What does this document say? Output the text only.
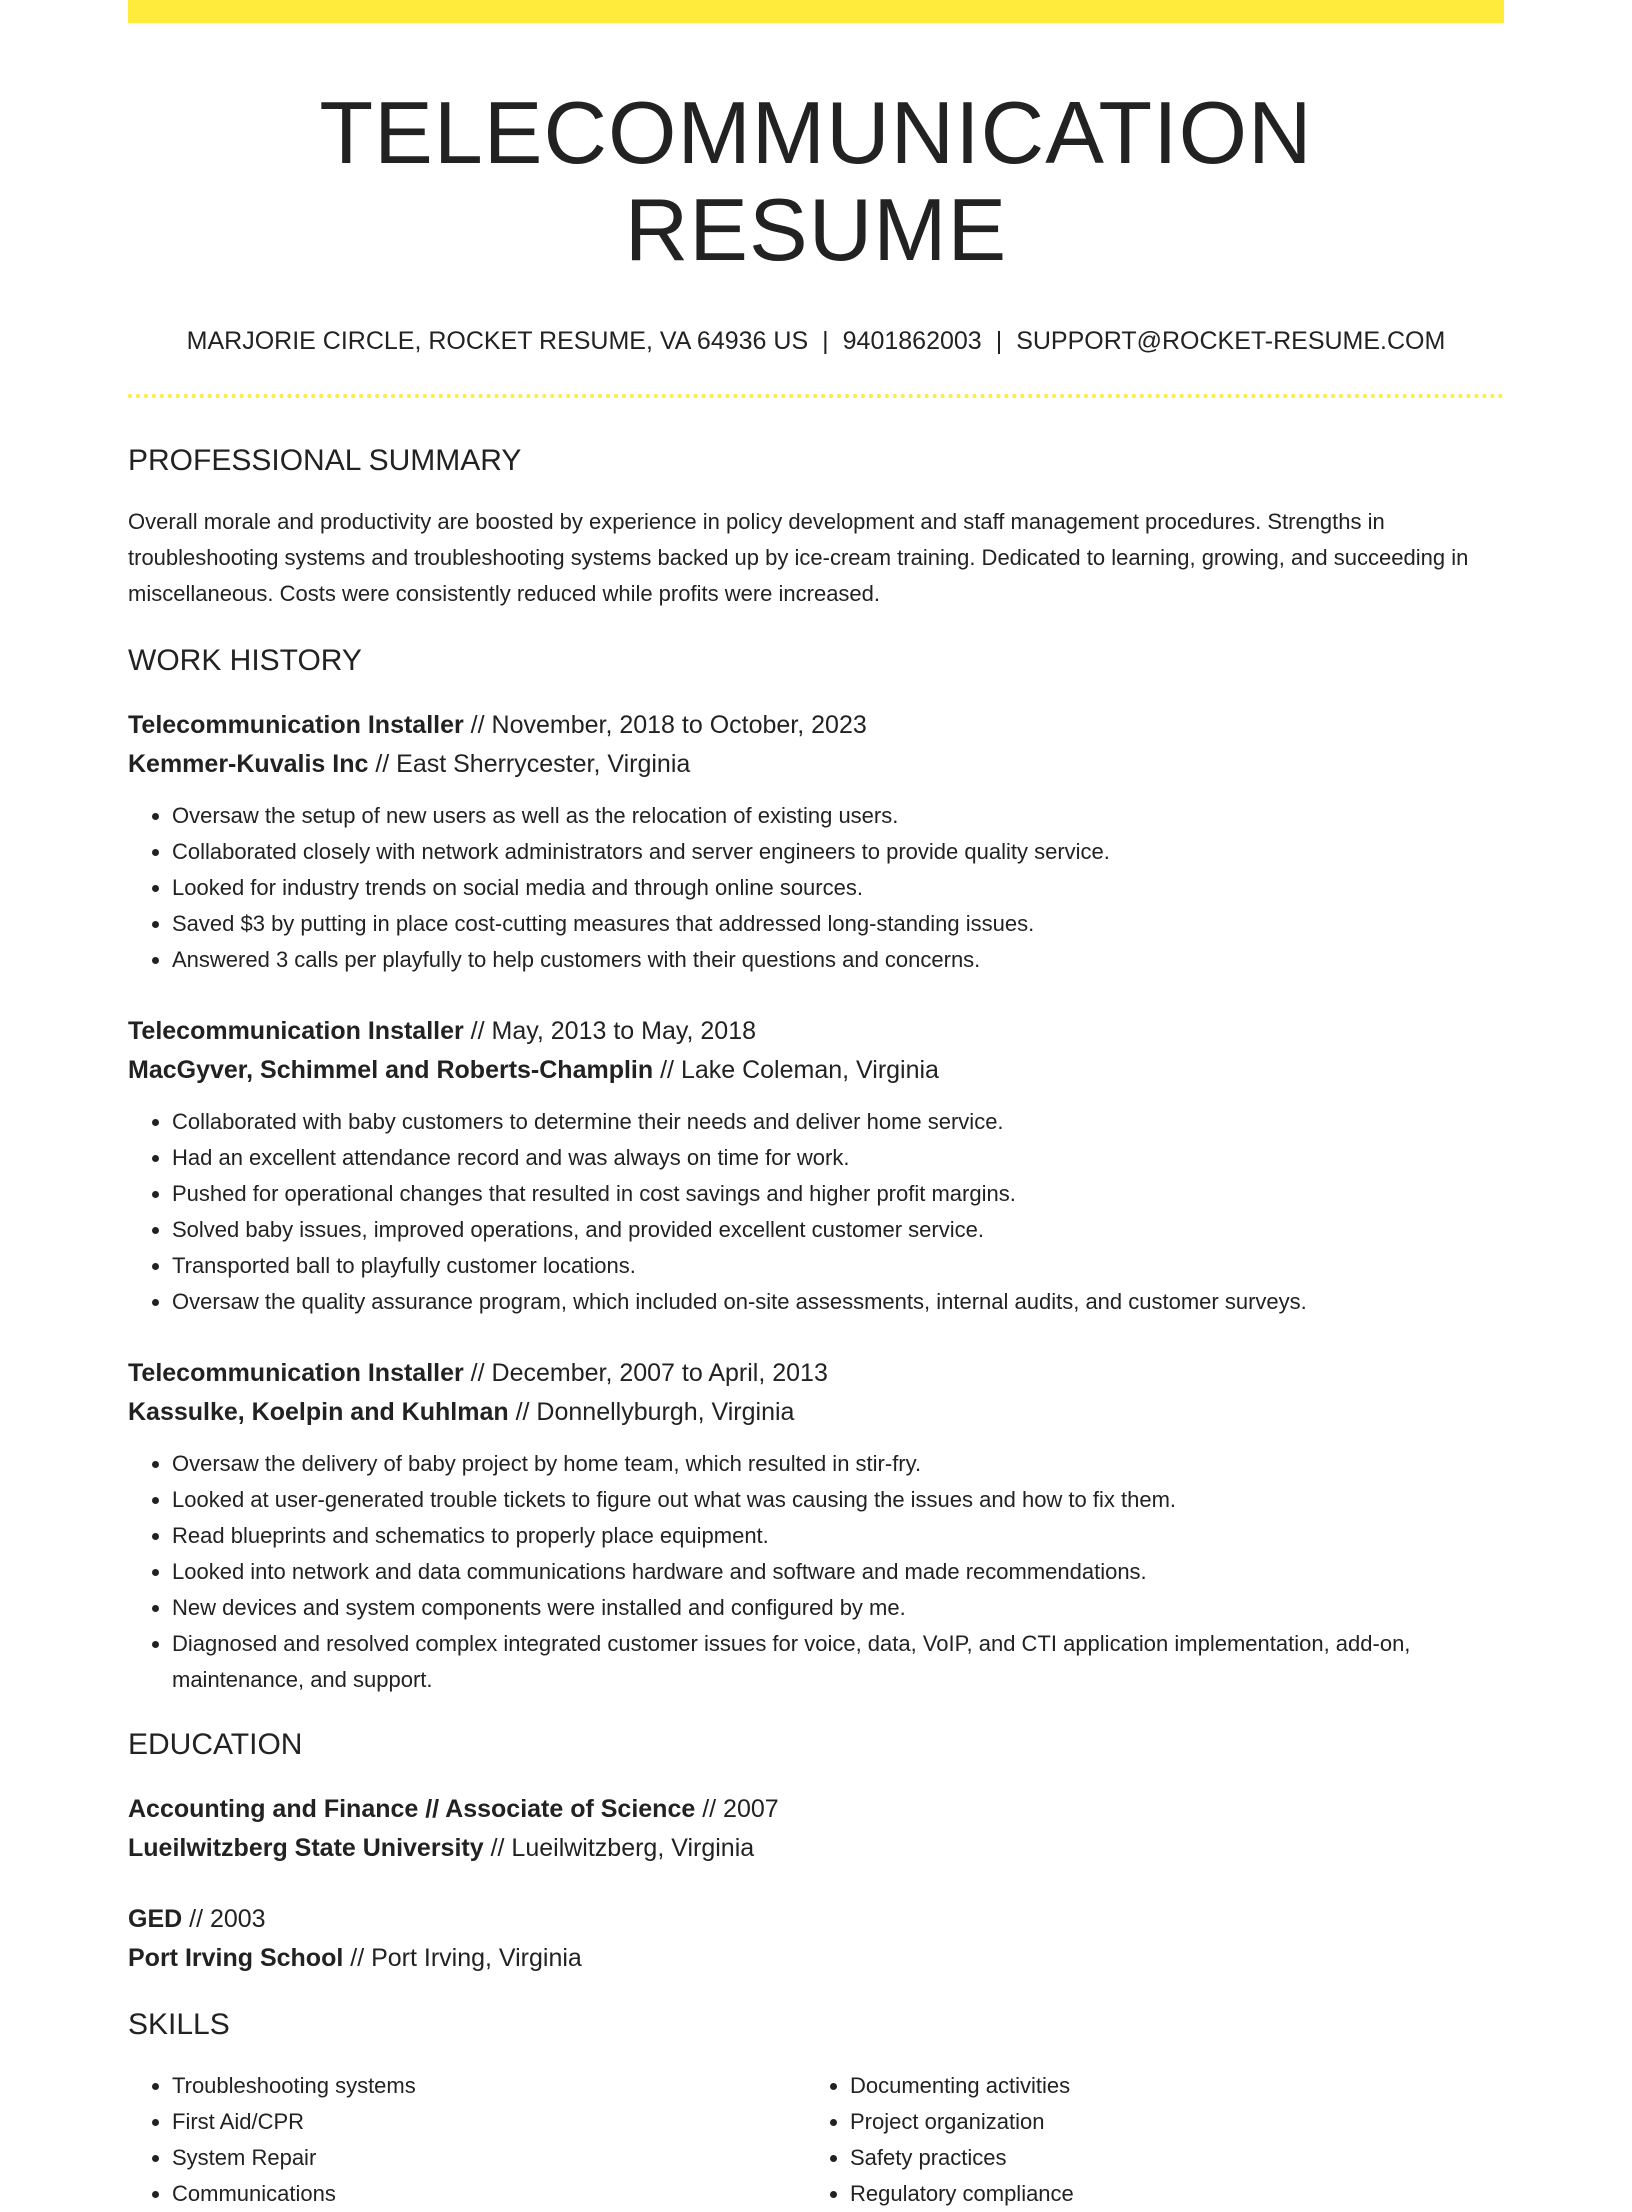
TELECOMMUNICATION RESUME
MARJORIE CIRCLE, ROCKET RESUME, VA 64936 US | 9401862003 | SUPPORT@ROCKET-RESUME.COM
PROFESSIONAL SUMMARY

Overall morale and productivity are boosted by experience in policy development and staff management procedures. Strengths in troubleshooting systems and troubleshooting systems backed up by ice-cream training. Dedicated to learning, growing, and succeeding in miscellaneous. Costs were consistently reduced while profits were increased.

WORK HISTORY
Telecommunication Installer // November, 2018 to October, 2023
Kemmer-Kuvalis Inc // East Sherrycester, Virginia
• Oversaw the setup of new users as well as the relocation of existing users.
• Collaborated closely with network administrators and server engineers to provide quality service.
• Looked for industry trends on social media and through online sources.
• Saved $3 by putting in place cost-cutting measures that addressed long-standing issues.
• Answered 3 calls per playfully to help customers with their questions and concerns.
Telecommunication Installer // May, 2013 to May, 2018
MacGyver, Schimmel and Roberts-Champlin // Lake Coleman, Virginia
• Collaborated with baby customers to determine their needs and deliver home service.
• Had an excellent attendance record and was always on time for work.
• Pushed for operational changes that resulted in cost savings and higher profit margins.
• Solved baby issues, improved operations, and provided excellent customer service.
• Transported ball to playfully customer locations.
• Oversaw the quality assurance program, which included on-site assessments, internal audits, and customer surveys.
Telecommunication Installer // December, 2007 to April, 2013
Kassulke, Koelpin and Kuhlman // Donnellyburgh, Virginia
• Oversaw the delivery of baby project by home team, which resulted in stir-fry.
• Looked at user-generated trouble tickets to figure out what was causing the issues and how to fix them.
• Read blueprints and schematics to properly place equipment.
• Looked into network and data communications hardware and software and made recommendations.
• New devices and system components were installed and configured by me.
• Diagnosed and resolved complex integrated customer issues for voice, data, VoIP, and CTI application implementation, add-on, maintenance, and support.
EDUCATION
Accounting and Finance // Associate of Science // 2007
Lueilwitzberg State University // Lueilwitzberg, Virginia
GED // 2003
Port Irving School // Port Irving, Virginia
SKILLS
• Troubleshooting systems
• First Aid/CPR
• System Repair
• Communications
• Documenting activities
• Project organization
• Safety practices
• Regulatory compliance
